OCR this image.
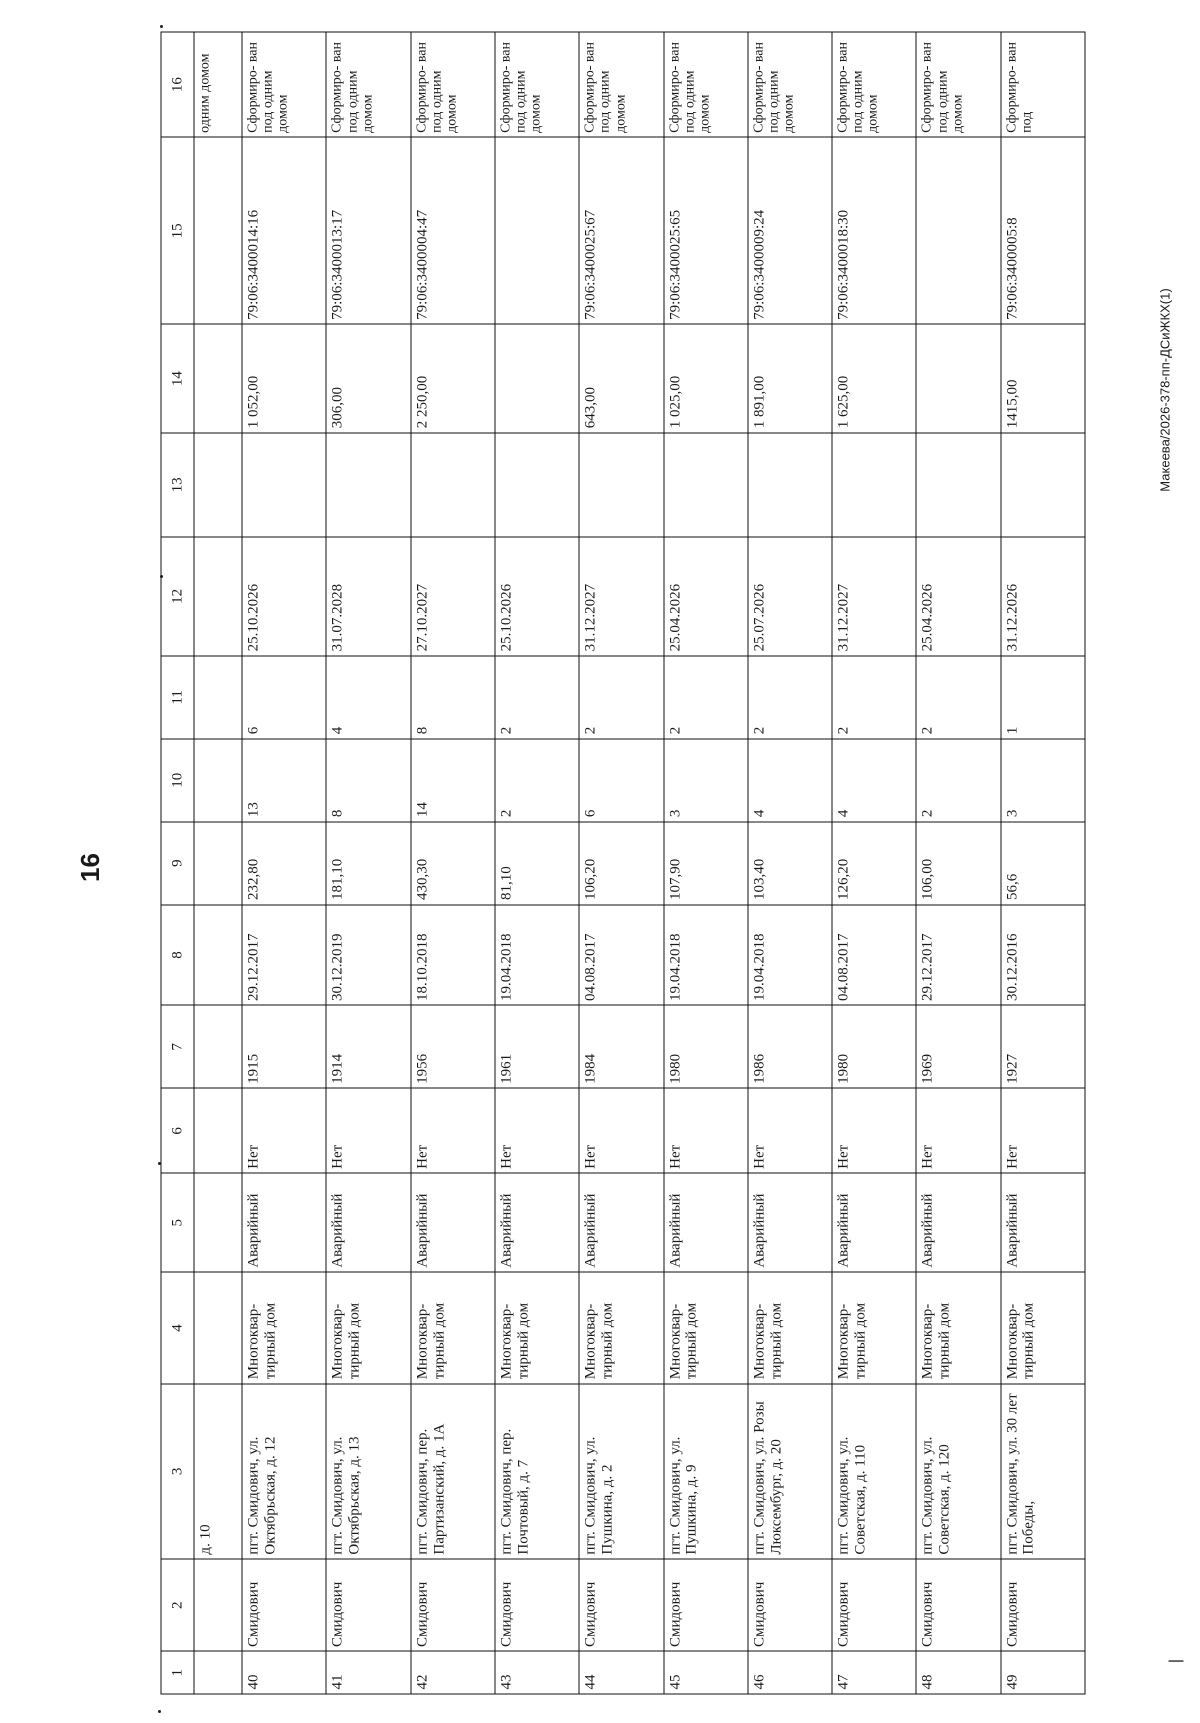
16
Макеева/2026-378-пп-ДСиЖКХ(1)
|
1	2	3	4	5	6	7	8	9	10	11	12	13	14	15	16
		д. 10													одним домом
40	Смидович	пгт. Смидович, ул. Октябрьская, д. 12	Многоквар- тирный дом	Аварийный	Нет	1915	29.12.2017	232,80	13	6	25.10.2026		1 052,00	79:06:3400014:16	Сформиро- ван под одним домом
41	Смидович	пгт. Смидович, ул. Октябрьская, д. 13	Многоквар- тирный дом	Аварийный	Нет	1914	30.12.2019	181,10	8	4	31.07.2028		306,00	79:06:3400013:17	Сформиро- ван под одним домом
42	Смидович	пгт. Смидович, пер. Партизанский, д. 1А	Многоквар- тирный дом	Аварийный	Нет	1956	18.10.2018	430,30	14	8	27.10.2027		2 250,00	79:06:3400004:47	Сформиро- ван под одним домом
43	Смидович	пгт. Смидович, пер. Почтовый, д. 7	Многоквар- тирный дом	Аварийный	Нет	1961	19.04.2018	81,10	2	2	25.10.2026				Сформиро- ван под одним домом
44	Смидович	пгт. Смидович, ул. Пушкина, д. 2	Многоквар- тирный дом	Аварийный	Нет	1984	04.08.2017	106,20	6	2	31.12.2027		643,00	79:06:3400025:67	Сформиро- ван под одним домом
45	Смидович	пгт. Смидович, ул. Пушкина, д. 9	Многоквар- тирный дом	Аварийный	Нет	1980	19.04.2018	107,90	3	2	25.04.2026		1 025,00	79:06:3400025:65	Сформиро- ван под одним домом
46	Смидович	пгт. Смидович, ул. Розы Люксембург, д. 20	Многоквар- тирный дом	Аварийный	Нет	1986	19.04.2018	103,40	4	2	25.07.2026		1 891,00	79:06:3400009:24	Сформиро- ван под одним домом
47	Смидович	пгт. Смидович, ул. Советская, д. 110	Многоквар- тирный дом	Аварийный	Нет	1980	04.08.2017	126,20	4	2	31.12.2027		1 625,00	79:06:3400018:30	Сформиро- ван под одним домом
48	Смидович	пгт. Смидович, ул. Советская, д. 120	Многоквар- тирный дом	Аварийный	Нет	1969	29.12.2017	106,00	2	2	25.04.2026				Сформиро- ван под одним домом
49	Смидович	пгт. Смидович, ул. 30 лет Победы,	Многоквар- тирный дом	Аварийный	Нет	1927	30.12.2016	56,6	3	1	31.12.2026		1415,00	79:06:3400005:8	Сформиро- ван под
